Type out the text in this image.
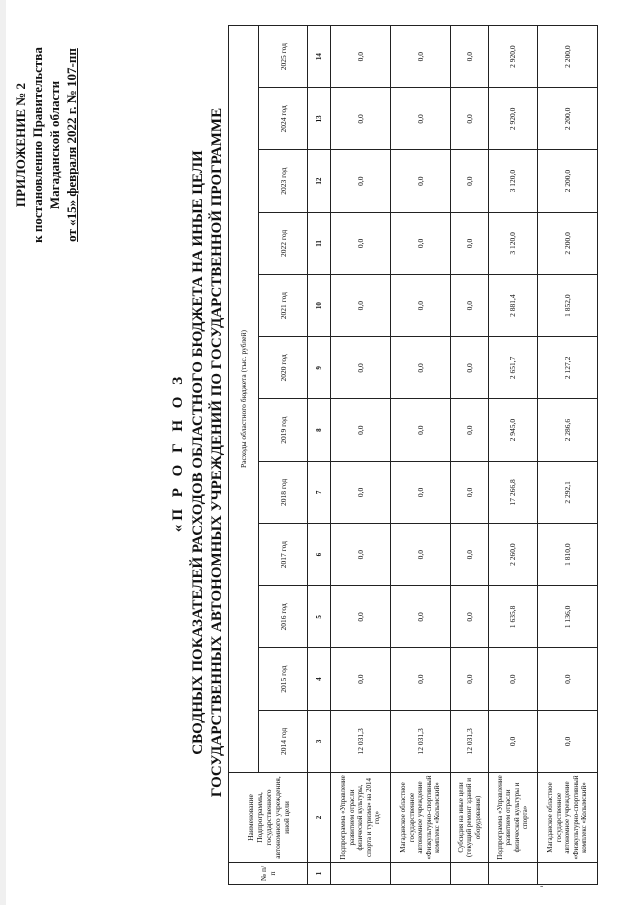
ПРИЛОЖЕНИЕ № 2 к постановлению Правительства Магаданской области от «15» февраля 2022 г. № 107-пп
«П Р О Г Н О З СВОДНЫХ ПОКАЗАТЕЛЕЙ РАСХОДОВ ОБЛАСТНОГО БЮДЖЕТА НА ИНЫЕ ЦЕЛИ ГОСУДАРСТВЕННЫХ АВТОНОМНЫХ УЧРЕЖДЕНИЙ ПО ГОСУДАРСТВЕННОЙ ПРОГРАММЕ
№ п/п	Наименование Подпрограммы, государственного автономного учреждения, иной цели	Расходы областного бюджета (тыс. рублей)											
		2014 год	2015 год	2016 год	2017 год	2018 год	2019 год	2020 год	2021 год	2022 год	2023 год	2024 год	2025 год
1	2	3	4	5	6	7	8	9	10	11	12	13	14
	Подпрограмма «Управление развитием отрасли физической культуры, спорта и туризма» на 2014 год»	12 031,3	0,0	0,0	0,0	0,0	0,0	0,0	0,0	0,0	0,0	0,0	0,0
	Магаданское областное государственное автономное учреждение «Физкультурно-спортивный комплекс «Колымский»	12 031,3	0,0	0,0	0,0	0,0	0,0	0,0	0,0	0,0	0,0	0,0	0,0
	Субсидия на иные цели (текущий ремонт зданий и оборудования)	12 031,3	0,0	0,0	0,0	0,0	0,0	0,0	0,0	0,0	0,0	0,0	0,0
	Подпрограмма «Управление развитием отрасли физической культуры и спорта»	0,0	0,0	1 635,8	2 260,0	17 266,8	2 945,0	2 651,7	2 881,4	3 120,0	3 120,0	2 920,0	2 920,0
	Магаданское областное государственное автономное учреждение «Физкультурно-спортивный комплекс «Колымский»	0,0	0,0	1 136,0	1 810,0	2 292,1	2 286,6	2 127,2	1 852,0	2 200,0	2 200,0	2 200,0	2 200,0
-
